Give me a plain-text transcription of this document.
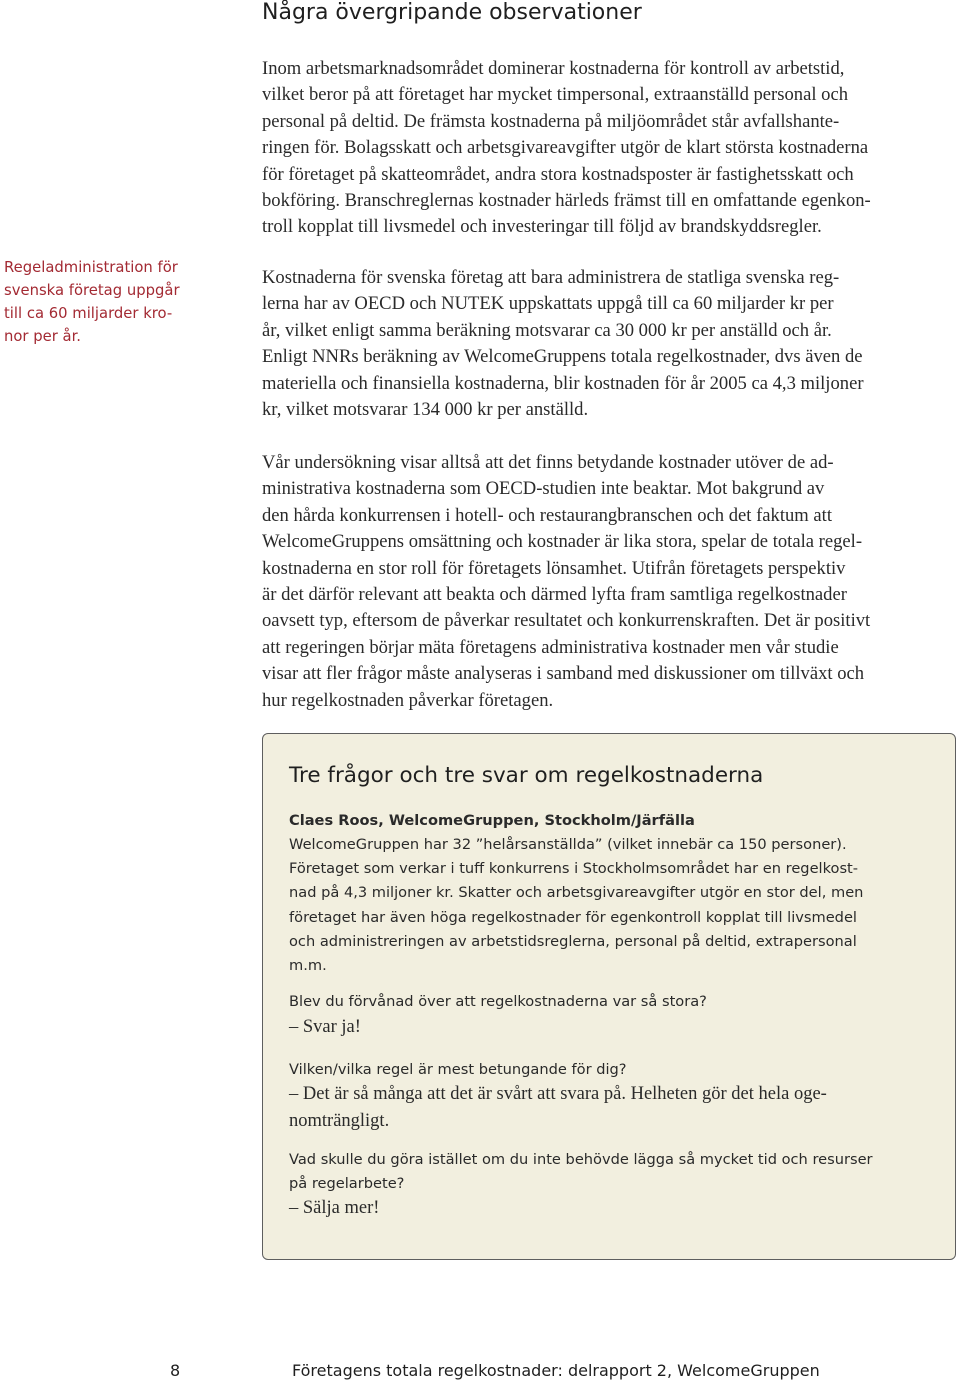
Några övergripande observationer

Inom arbetsmarknadsområdet dominerar kostnaderna för kontroll av arbetstid,
vilket beror på att företaget har mycket timpersonal, extraanställd personal och
personal på deltid. De främsta kostnaderna på miljöområdet står avfallshante-
ringen för. Bolagsskatt och arbetsgivareavgifter utgör de klart största kostnaderna
för företaget på skatteområdet, andra stora kostnadsposter är fastighetsskatt och
bokföring. Branschreglernas kostnader härleds främst till en omfattande egenkon-
troll kopplat till livsmedel och investeringar till följd av brandskyddsregler.

Regeladministration för
svenska företag uppgår
till ca 60 miljarder kro-
nor per år.

Kostnaderna för svenska företag att bara administrera de statliga svenska reg-
lerna har av OECD och NUTEK uppskattats uppgå till ca 60 miljarder kr per
år, vilket enligt samma beräkning motsvarar ca 30 000 kr per anställd och år.
Enligt NNRs beräkning av WelcomeGruppens totala regelkostnader, dvs även de
materiella och finansiella kostnaderna, blir kostnaden för år 2005 ca 4,3 miljoner
kr, vilket motsvarar 134 000 kr per anställd.

Vår undersökning visar alltså att det finns betydande kostnader utöver de ad-
ministrativa kostnaderna som OECD-studien inte beaktar. Mot bakgrund av
den hårda konkurrensen i hotell- och restaurangbranschen och det faktum att
WelcomeGruppens omsättning och kostnader är lika stora, spelar de totala regel-
kostnaderna en stor roll för företagets lönsamhet. Utifrån företagets perspektiv
är det därför relevant att beakta och därmed lyfta fram samtliga regelkostnader
oavsett typ, eftersom de påverkar resultatet och konkurrenskraften. Det är positivt
att regeringen börjar mäta företagens administrativa kostnader men vår studie
visar att fler frågor måste analyseras i samband med diskussioner om tillväxt och
hur regelkostnaden påverkar företagen.

Tre frågor och tre svar om regelkostnaderna

Claes Roos, WelcomeGruppen, Stockholm/Järfälla

WelcomeGruppen har 32 ”helårsanställda” (vilket innebär ca 150 personer).
Företaget som verkar i tuff konkurrens i Stockholmsområdet har en regelkost-
nad på 4,3 miljoner kr. Skatter och arbetsgivareavgifter utgör en stor del, men
företaget har även höga regelkostnader för egenkontroll kopplat till livsmedel
och administreringen av arbetstidsreglerna, personal på deltid, extrapersonal
m.m.

Blev du förvånad över att regelkostnaderna var så stora?

– Svar ja!

Vilken/vilka regel är mest betungande för dig?

– Det är så många att det är svårt att svara på. Helheten gör det hela oge-
nomträngligt.

Vad skulle du göra istället om du inte behövde lägga så mycket tid och resurser
på regelarbete?

– Sälja mer!

8	Företagens totala regelkostnader: delrapport 2, WelcomeGruppen
